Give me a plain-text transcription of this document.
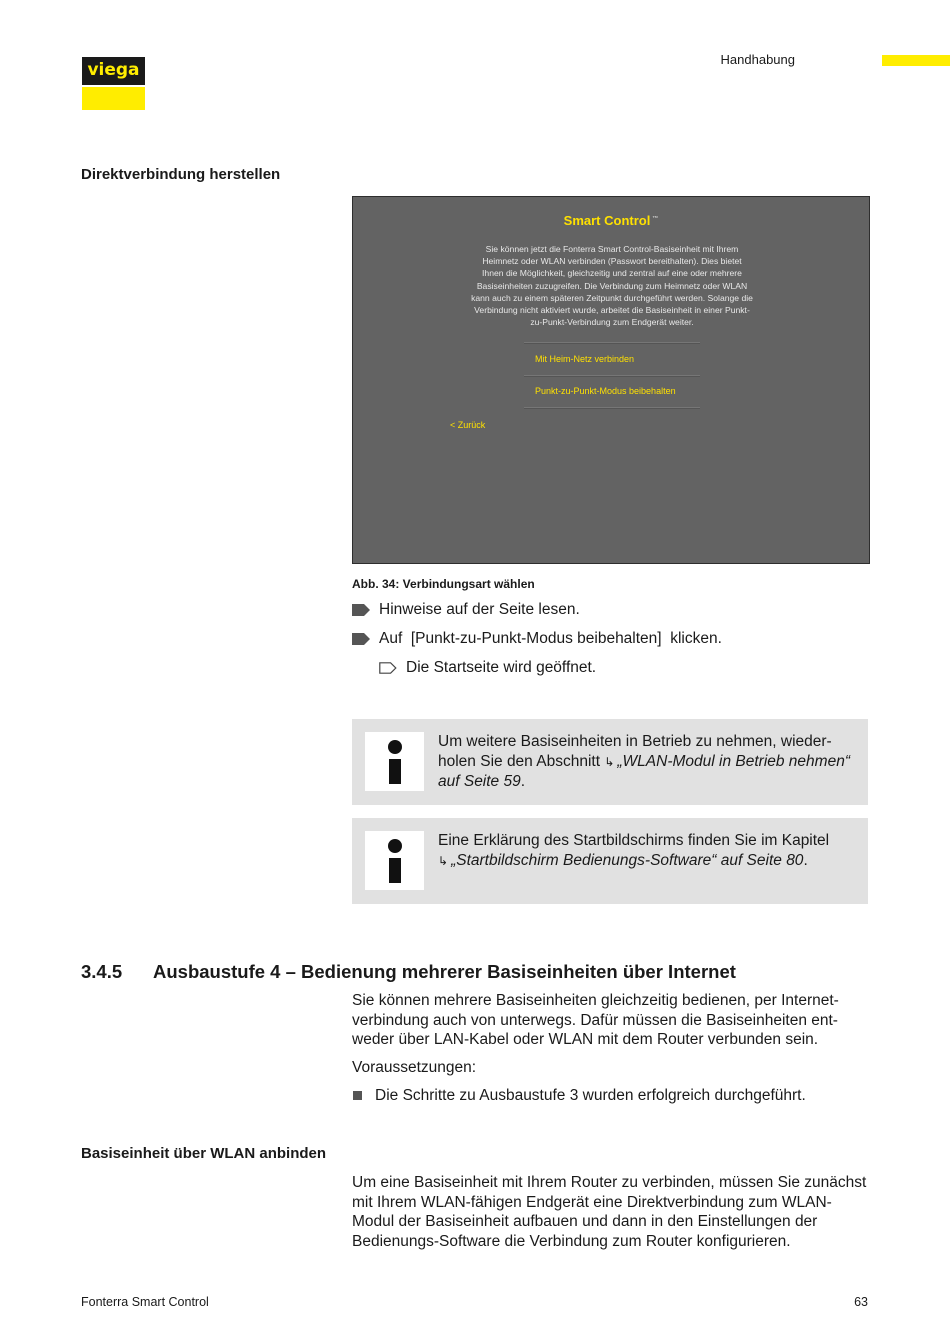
viega
Handhabung
Direktverbindung herstellen
Smart Control ™
Sie können jetzt die Fonterra Smart Control-Basiseinheit mit Ihrem Heimnetz oder WLAN verbinden (Passwort bereithalten). Dies bietet Ihnen die Möglichkeit, gleichzeitig und zentral auf eine oder mehrere Basiseinheiten zuzugreifen. Die Verbindung zum Heimnetz oder WLAN kann auch zu einem späteren Zeitpunkt durchgeführt werden. Solange die Verbindung nicht aktiviert wurde, arbeitet die Basiseinheit in einer Punkt-zu-Punkt-Verbindung zum Endgerät weiter.
Mit Heim-Netz verbinden
Punkt-zu-Punkt-Modus beibehalten
< Zurück
Abb. 34: Verbindungsart wählen
Hinweise auf der Seite lesen.
Auf  [Punkt-zu-Punkt-Modus beibehalten]  klicken.
Die Startseite wird geöffnet.
Um weitere Basiseinheiten in Betrieb zu nehmen, wieder-holen Sie den Abschnitt ↳ „WLAN-Modul in Betrieb nehmen“ auf Seite 59.
Eine Erklärung des Startbildschirms finden Sie im Kapitel ↳ „Startbildschirm Bedienungs-Software“ auf Seite 80.
3.4.5 Ausbaustufe 4 – Bedienung mehrerer Basiseinheiten über Internet
Sie können mehrere Basiseinheiten gleichzeitig bedienen, per Internet-verbindung auch von unterwegs. Dafür müssen die Basiseinheiten ent-weder über LAN-Kabel oder WLAN mit dem Router verbunden sein.
Voraussetzungen:
Die Schritte zu Ausbaustufe 3 wurden erfolgreich durchgeführt.
Basiseinheit über WLAN anbinden
Um eine Basiseinheit mit Ihrem Router zu verbinden, müssen Sie zunächst mit Ihrem WLAN-fähigen Endgerät eine Direktverbindung zum WLAN-Modul der Basiseinheit aufbauen und dann in den Einstellungen der Bedienungs-Software die Verbindung zum Router konfigurieren.
Fonterra Smart Control	63
